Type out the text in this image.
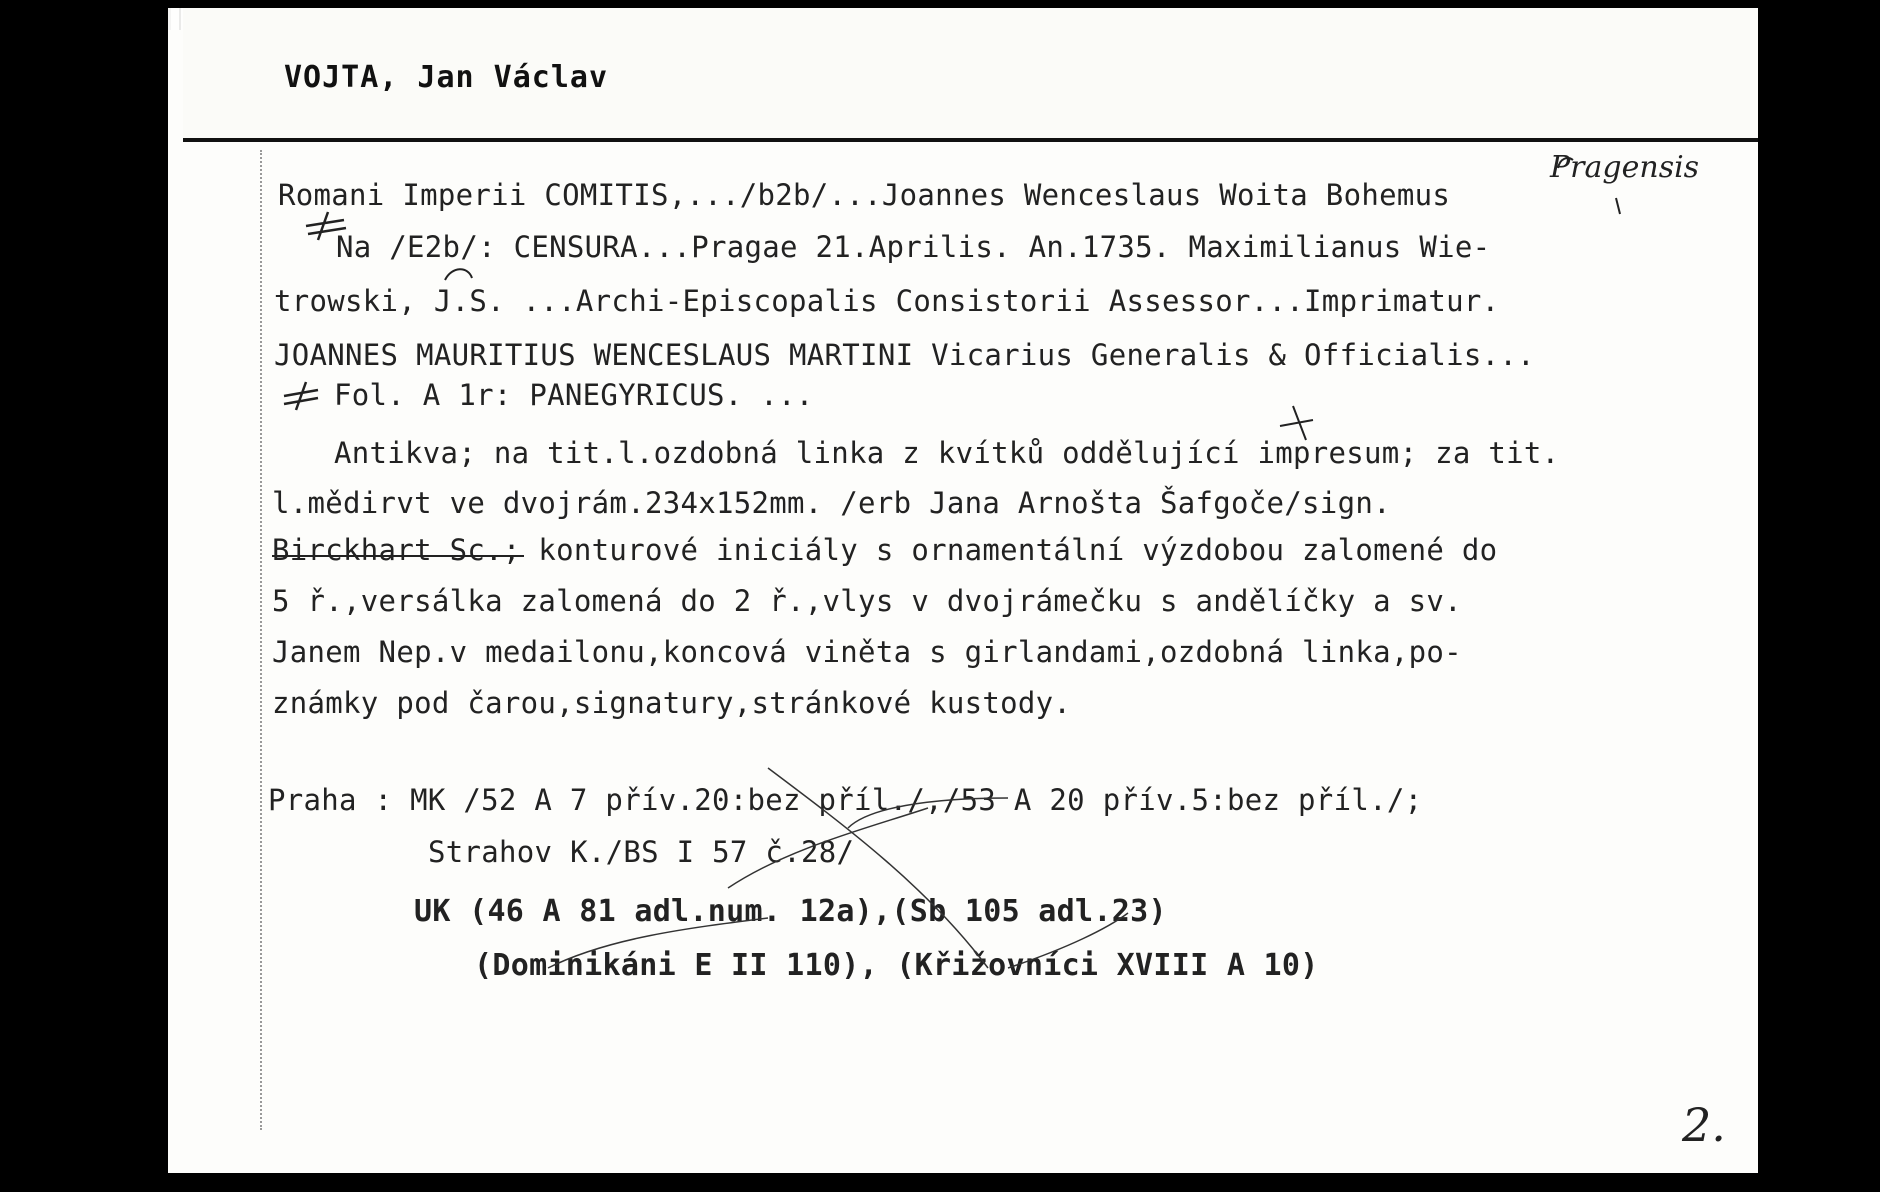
VOJTA, Jan Václav
Pragensis
Romani Imperii COMITIS,.../b2b/...Joannes Wenceslaus Woita Bohemus
Na /E2b/: CENSURA...Pragae 21.Aprilis. An.1735. Maximilianus Wie-
trowski, J.S. ...Archi-Episcopalis Consistorii Assessor...Imprimatur.
JOANNES MAURITIUS WENCESLAUS MARTINI Vicarius Generalis & Officialis...
Fol. A 1r: PANEGYRICUS. ...
Antikva; na tit.l.ozdobná linka z kvítků oddělující impresum; za tit.
l.mědirvt ve dvojrám.234x152mm. /erb Jana Arnošta Šafgoče/sign.
Birckhart Sc.; konturové iniciály s ornamentální výzdobou zalomené do
5 ř.,versálka zalomená do 2 ř.,vlys v dvojrámečku s andělíčky a sv.
Janem Nep.v medailonu,koncová viněta s girlandami,ozdobná linka,po-
známky pod čarou,signatury,stránkové kustody.
Praha : MK /52 A 7 přív.20:bez příl./,/53 A 20 přív.5:bez příl./;
Strahov K./BS I 57 č.28/
UK (46 A 81 adl.num. 12a),(Sb 105 adl.23)
(Dominikáni E II 110), (Křižovníci XVIII A 10)
2.
